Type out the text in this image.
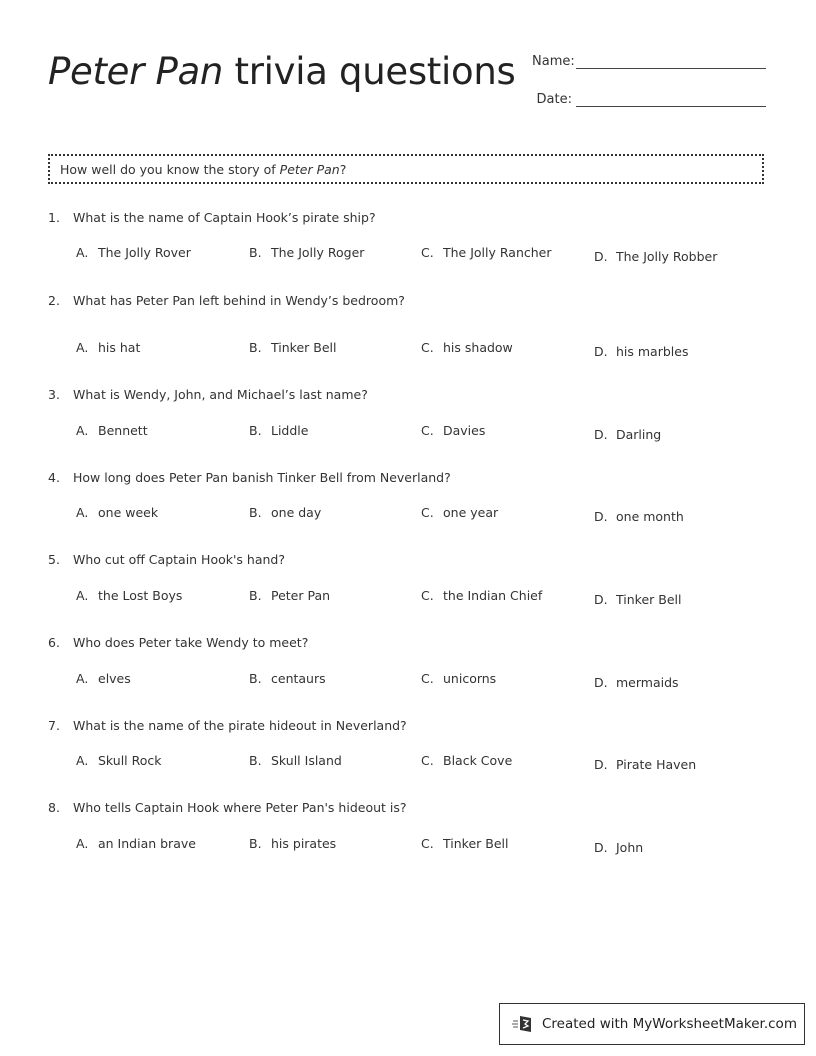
Peter Pan trivia questions Name:
Date:
How well do you know the story of
Peter Pan ?
1.	What is the name of Captain Hook’s pirate ship?
A. The Jolly Rover	B. The Jolly Roger	C. The Jolly Rancher	D. The Jolly Robber
2.	What has Peter Pan left behind in Wendy’s bedroom?
A. his hat	B. Tinker Bell	C. his shadow	D. his marbles
3.	What is Wendy, John, and Michael’s last name?
A. Bennett	B. Liddle	C. Davies	D. Darling
4.	How long does Peter Pan banish Tinker Bell from Neverland?
A. one week	B. one day	C. one year	D. one month
5.	Who cut off Captain Hook's hand?
A. the Lost Boys	B. Peter Pan	C. the Indian Chief	D. Tinker Bell
6.	Who does Peter take Wendy to meet?
A. elves	B. centaurs	C. unicorns	D. mermaids
7.	What is the name of the pirate hideout in Neverland?
A. Skull Rock	B. Skull Island	C. Black Cove	D. Pirate Haven
8.	Who tells Captain Hook where Peter Pan's hideout is?
A. an Indian brave	B. his pirates	C. Tinker Bell	D. John
Created with MyWorksheetMaker.com
